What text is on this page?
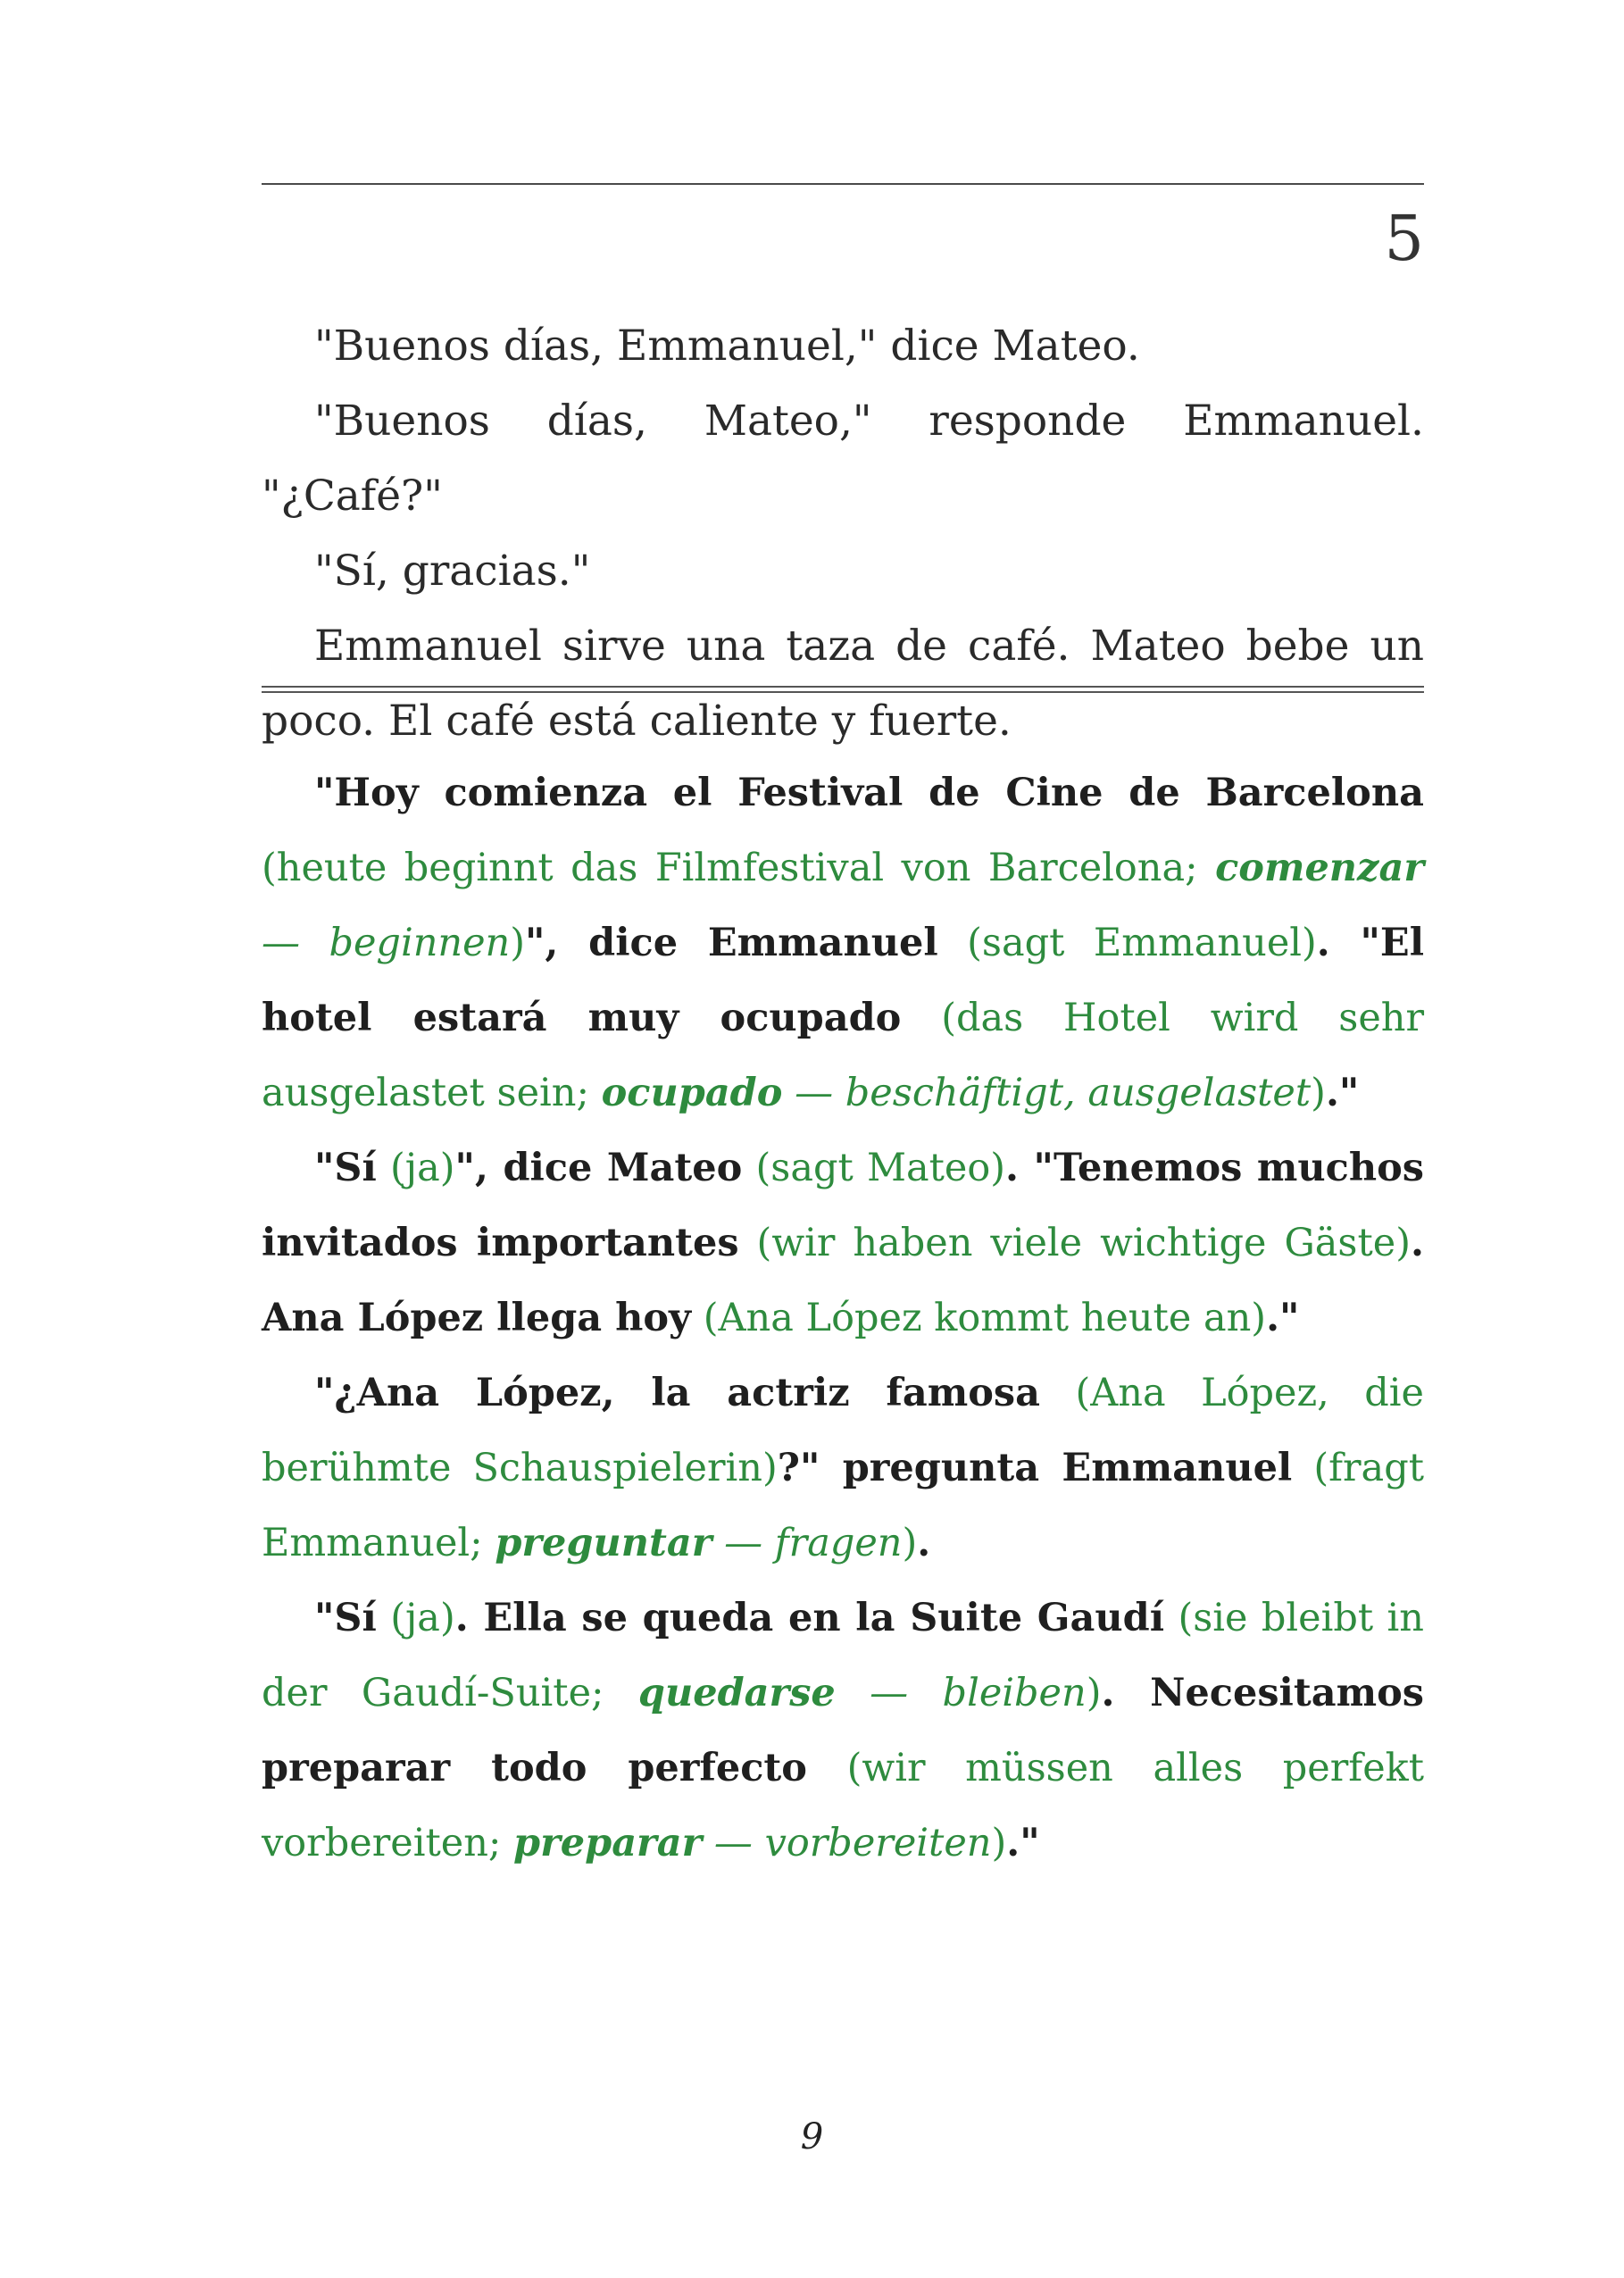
5

"Buenos días, Emmanuel," dice Mateo.

"Buenos días, Mateo," responde Emmanuel. "¿Café?"

"Sí, gracias."

Emmanuel sirve una taza de café. Mateo bebe un poco. El café está caliente y fuerte.

"Hoy comienza el Festival de Cine de Barcelona (heute beginnt das Filmfestival von Barcelona; comenzar — beginnen)", dice Emmanuel (sagt Emmanuel). "El hotel estará muy ocupado (das Hotel wird sehr ausgelastet sein; ocupado — beschäftigt, ausgelastet)."

"Sí (ja)", dice Mateo (sagt Mateo). "Tenemos muchos invitados importantes (wir haben viele wichtige Gäste). Ana López llega hoy (Ana López kommt heute an)."

"¿Ana López, la actriz famosa (Ana López, die berühmte Schauspielerin)?" pregunta Emmanuel (fragt Emmanuel; preguntar — fragen).

"Sí (ja). Ella se queda en la Suite Gaudí (sie bleibt in der Gaudí-Suite; quedarse — bleiben). Necesitamos preparar todo perfecto (wir müssen alles perfekt vorbereiten; preparar — vorbereiten)."

9
